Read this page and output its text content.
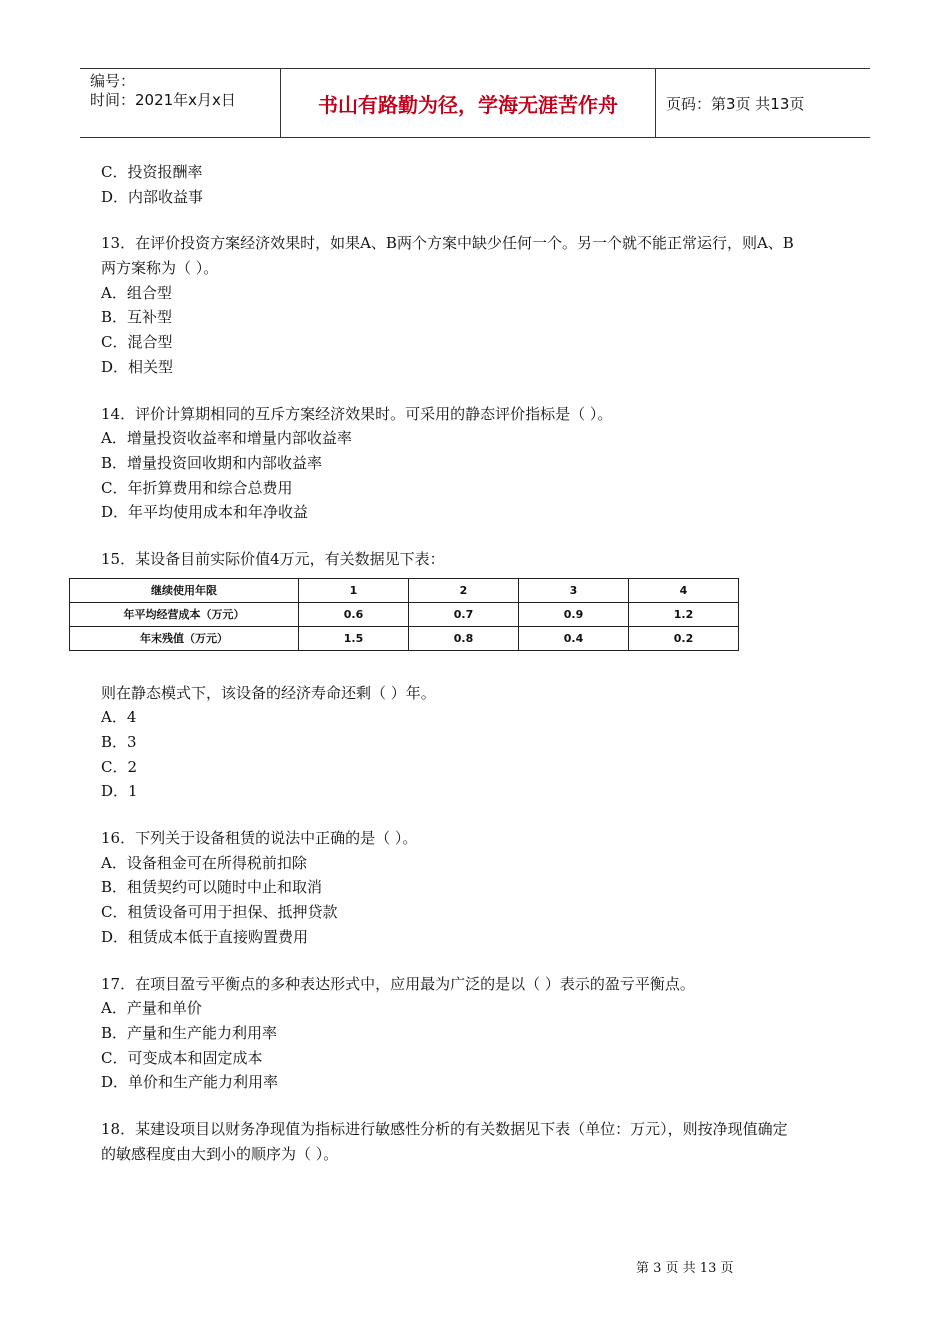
编号：
时间：2021年x月x日	书山有路勤为径，学海无涯苦作舟	页码：第3页 共13页
C．投资报酬率
D．内部收益事
13．在评价投资方案经济效果时，如果A、B两个方案中缺少任何一个。另一个就不能正常运行，则A、B
两方案称为（ ）。
A．组合型
B．互补型
C．混合型
D．相关型
14．评价计算期相同的互斥方案经济效果时。可采用的静态评价指标是（ ）。
A．增量投资收益率和增量内部收益率
B．增量投资回收期和内部收益率
C．年折算费用和综合总费用
D．年平均使用成本和年净收益
15．某设备目前实际价值4万元，有关数据见下表：
继续使用年限	1	2	3	4
年平均经营成本（万元）	0.6	0.7	0.9	1.2
年末残值（万元）	1.5	0.8	0.4	0.2
则在静态模式下，该设备的经济寿命还剩（ ）年。
A．4
B．3
C．2
D．1
16．下列关于设备租赁的说法中正确的是（ ）。
A．设备租金可在所得税前扣除
B．租赁契约可以随时中止和取消
C．租赁设备可用于担保、抵押贷款
D．租赁成本低于直接购置费用
17．在项目盈亏平衡点的多种表达形式中，应用最为广泛的是以（ ）表示的盈亏平衡点。
A．产量和单价
B．产量和生产能力利用率
C．可变成本和固定成本
D．单价和生产能力利用率
18．某建设项目以财务净现值为指标进行敏感性分析的有关数据见下表（单位：万元），则按净现值确定
的敏感程度由大到小的顺序为（ ）。
第 3 页 共 13 页
